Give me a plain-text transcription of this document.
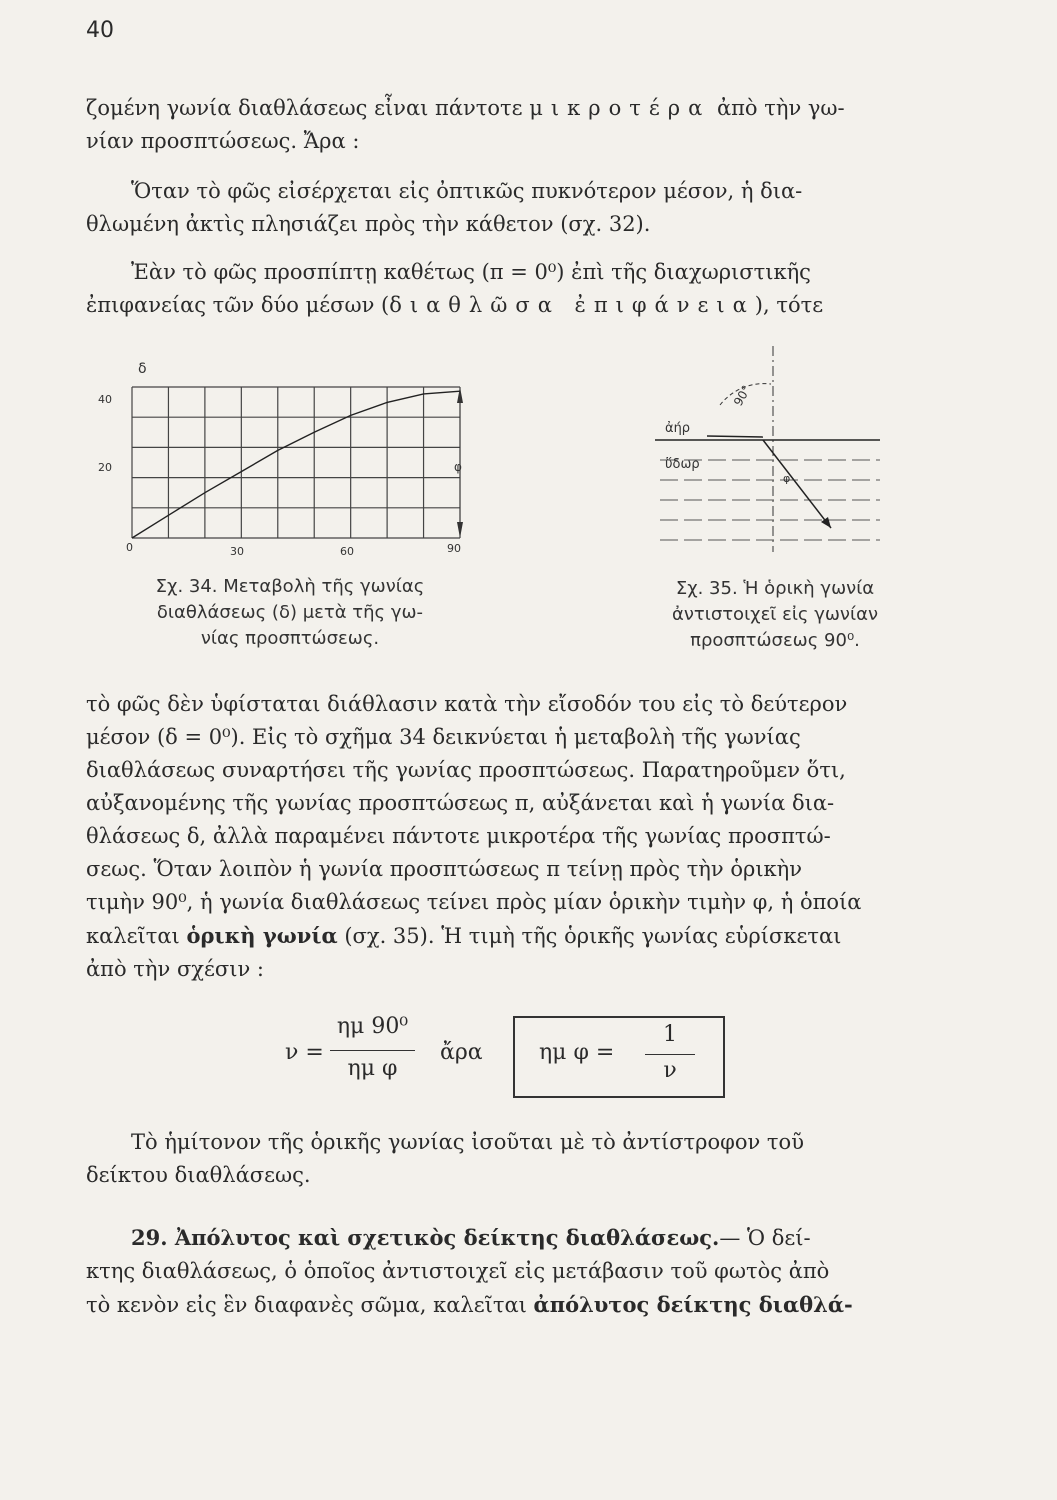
40

ζομένη γωνία διαθλάσεως εἶναι πάντοτε μικροτέρα ἀπὸ τὴν γω-
νίαν προσπτώσεως. Ἄρα :

Ὅταν τὸ φῶς εἰσέρχεται εἰς ὀπτικῶς πυκνότερον μέσον, ἡ δια-
θλωμένη ἀκτὶς πλησιάζει πρὸς τὴν κάθετον (σχ. 32).

Ἐὰν τὸ φῶς προσπίπτῃ καθέτως (π = 0⁰) ἐπὶ τῆς διαχωριστικῆς
ἐπιφανείας τῶν δύο μέσων (διαθλῶσα ἐπιφάνεια), τότε

δ
40
20
0	30	60	90
φ
Σχ. 34. Μεταβολὴ τῆς γωνίας
διαθλάσεως (δ) μετὰ τῆς γω-
νίας προσπτώσεως.
ἀήρ
ὕδωρ
90°
φ
Σχ. 35. Ἡ ὁρικὴ γωνία
ἀντιστοιχεῖ εἰς γωνίαν
προσπτώσεως 90⁰.

τὸ φῶς δὲν ὑφίσταται διάθλασιν κατὰ τὴν εἴσοδόν του εἰς τὸ δεύτερον
μέσον (δ = 0⁰). Εἰς τὸ σχῆμα 34 δεικνύεται ἡ μεταβολὴ τῆς γωνίας
διαθλάσεως συναρτήσει τῆς γωνίας προσπτώσεως. Παρατηροῦμεν ὅτι,
αὐξανομένης τῆς γωνίας προσπτώσεως π, αὐξάνεται καὶ ἡ γωνία δια-
θλάσεως δ, ἀλλὰ παραμένει πάντοτε μικροτέρα τῆς γωνίας προσπτώ-
σεως. Ὅταν λοιπὸν ἡ γωνία προσπτώσεως π τείνῃ πρὸς τὴν ὁρικὴν
τιμὴν 90⁰, ἡ γωνία διαθλάσεως τείνει πρὸς μίαν ὁρικὴν τιμὴν φ, ἡ ὁποία
καλεῖται ὁρικὴ γωνία (σχ. 35). Ἡ τιμὴ τῆς ὁρικῆς γωνίας εὑρίσκεται
ἀπὸ τὴν σχέσιν :

ν =
ημ 90⁰
ημ φ
ἄρα	ημ φ =
1
ν

Τὸ ἡμίτονον τῆς ὁρικῆς γωνίας ἰσοῦται μὲ τὸ ἀντίστροφον τοῦ
δείκτου διαθλάσεως.

29. Ἀπόλυτος καὶ σχετικὸς δείκτης διαθλάσεως.— Ὁ δεί-
κτης διαθλάσεως, ὁ ὁποῖος ἀντιστοιχεῖ εἰς μετάβασιν τοῦ φωτὸς ἀπὸ
τὸ κενὸν εἰς ἓν διαφανὲς σῶμα, καλεῖται ἀπόλυτος δείκτης διαθλά-
